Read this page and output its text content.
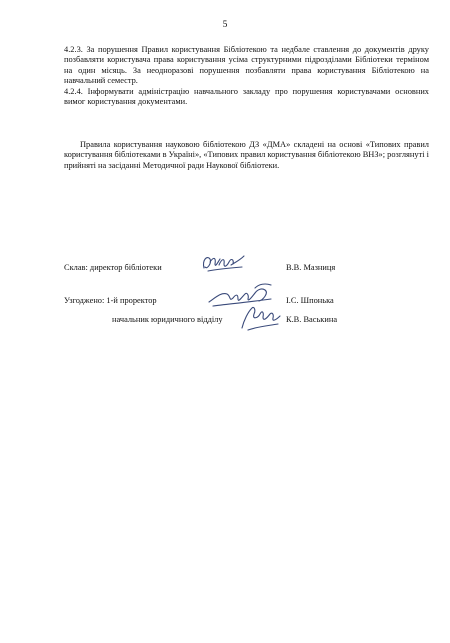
5
4.2.3. За порушення Правил користування Бібліотекою та недбале ставлення до документів друку позбавляти користувача права користування усіма структурними підрозділами Бібліотеки терміном на один місяць. За неодноразові порушення позбавляти права користування Бібліотекою на навчальний семестр.
4.2.4. Інформувати адміністрацію навчального закладу про порушення користувачами основних вимог користування документами.
Правила користування науковою бібліотекою ДЗ «ДМА» складені на основі «Типових правил користування бібліотеками в Україні», «Типових правил користування бібліотекою ВНЗ»; розглянуті і прийняті на засіданні Методичної ради Наукової бібліотеки.
Склав: директор бібліотеки	В.В. Мазниця
Узгоджено: 1-й проректор	І.С. Шпонька
начальник юридичного відділу	К.В. Васькина
